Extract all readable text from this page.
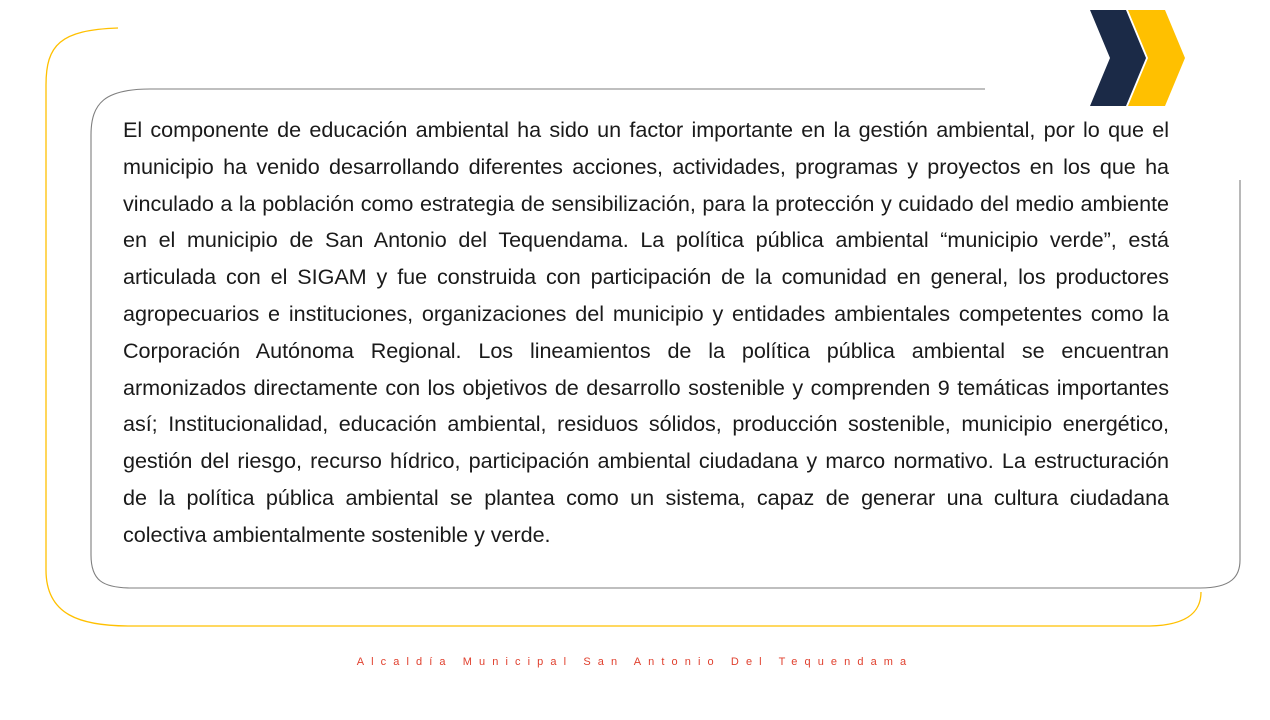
El componente de educación ambiental ha sido un factor importante en la gestión ambiental, por lo que el municipio ha venido desarrollando diferentes acciones, actividades, programas y proyectos en los que ha vinculado a la población como estrategia de sensibilización, para la protección y cuidado del medio ambiente en el municipio de San Antonio del Tequendama. La política pública ambiental “municipio verde”, está articulada con el SIGAM y fue construida con participación de la comunidad en general, los productores agropecuarios e instituciones, organizaciones del municipio y entidades ambientales competentes como la Corporación Autónoma Regional. Los lineamientos de la política pública ambiental se encuentran armonizados directamente con los objetivos de desarrollo sostenible y comprenden 9 temáticas importantes así; Institucionalidad, educación ambiental, residuos sólidos, producción sostenible, municipio energético, gestión del riesgo, recurso hídrico, participación ambiental ciudadana y marco normativo. La estructuración de la política pública ambiental se plantea como un sistema, capaz de generar una cultura ciudadana colectiva ambientalmente sostenible y verde.

Alcaldía Municipal San Antonio Del Tequendama
